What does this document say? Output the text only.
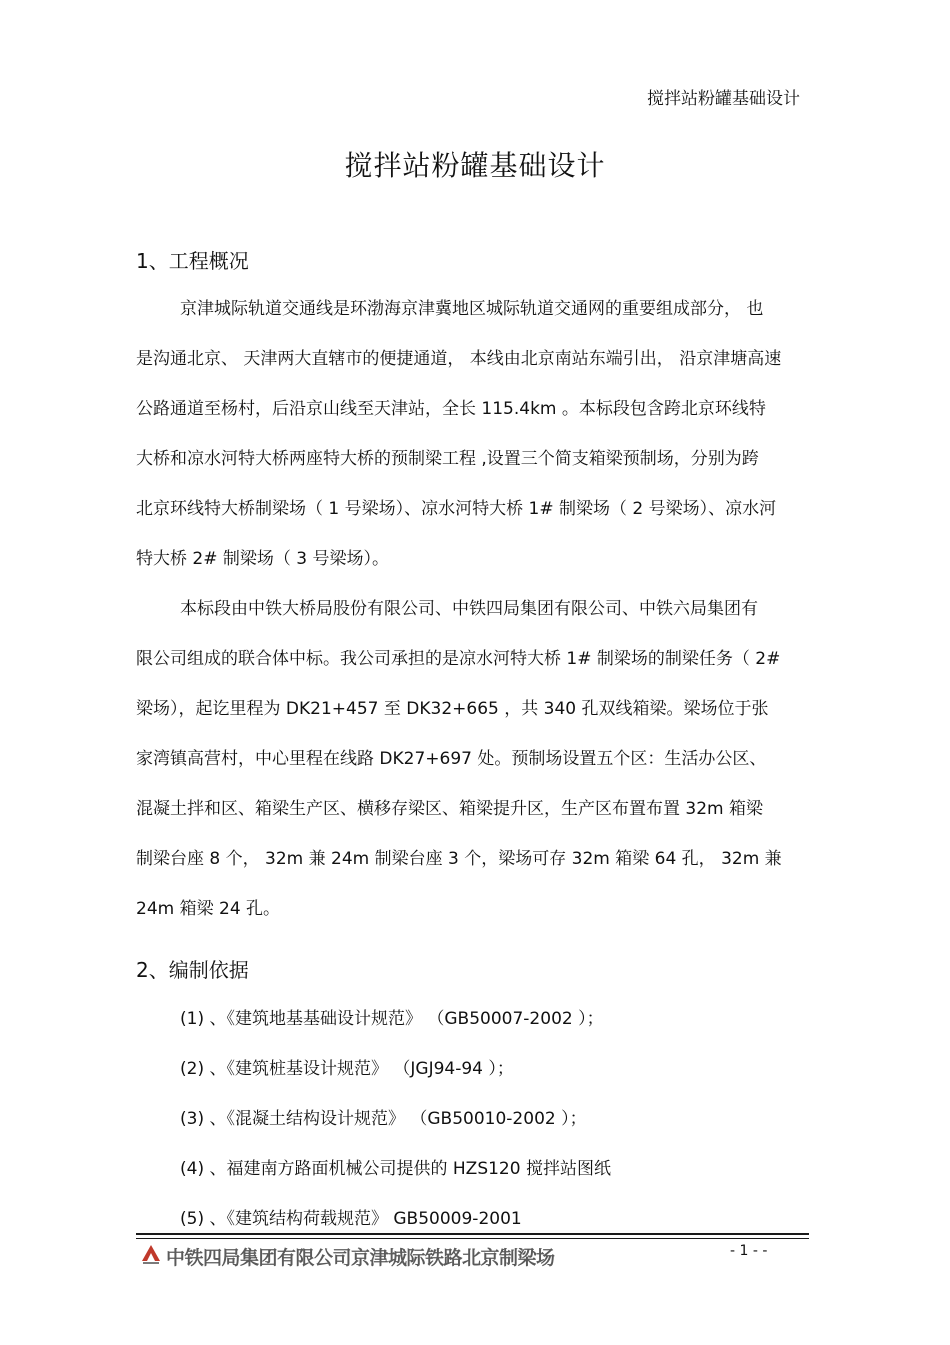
搅拌站粉罐基础设计
搅拌站粉罐基础设计
1、工程概况
京津城际轨道交通线是环渤海京津冀地区城际轨道交通网的重要组成部分， 也
是沟通北京、 天津两大直辖市的便捷通道， 本线由北京南站东端引出， 沿京津塘高速
公路通道至杨村，后沿京山线至天津站，全长 115.4km 。本标段包含跨北京环线特
大桥和凉水河特大桥两座特大桥的预制梁工程 ,设置三个简支箱梁预制场，分别为跨
北京环线特大桥制梁场（ 1 号梁场）、凉水河特大桥 1# 制梁场（ 2 号梁场）、凉水河
特大桥 2# 制梁场（ 3 号梁场）。
本标段由中铁大桥局股份有限公司、中铁四局集团有限公司、中铁六局集团有
限公司组成的联合体中标。我公司承担的是凉水河特大桥 1# 制梁场的制梁任务（ 2#
梁场），起讫里程为 DK21+457 至 DK32+665 ，共 340 孔双线箱梁。梁场位于张
家湾镇高营村，中心里程在线路 DK27+697 处。预制场设置五个区：生活办公区、
混凝土拌和区、箱梁生产区、横移存梁区、箱梁提升区，生产区布置布置 32m 箱梁
制梁台座 8 个， 32m 兼 24m 制梁台座 3 个，梁场可存 32m 箱梁 64 孔， 32m 兼
24m 箱梁 24 孔。
2、编制依据
(1) 、《建筑地基基础设计规范》 （GB50007-2002 ）；
(2) 、《建筑桩基设计规范》 （JGJ94-94 ）；
(3) 、《混凝土结构设计规范》 （GB50010-2002 ）；
(4) 、福建南方路面机械公司提供的 HZS120 搅拌站图纸
(5) 、《建筑结构荷载规范》 GB50009-2001
中铁四局集团有限公司京津城际铁路北京制梁场	- 1 - -
